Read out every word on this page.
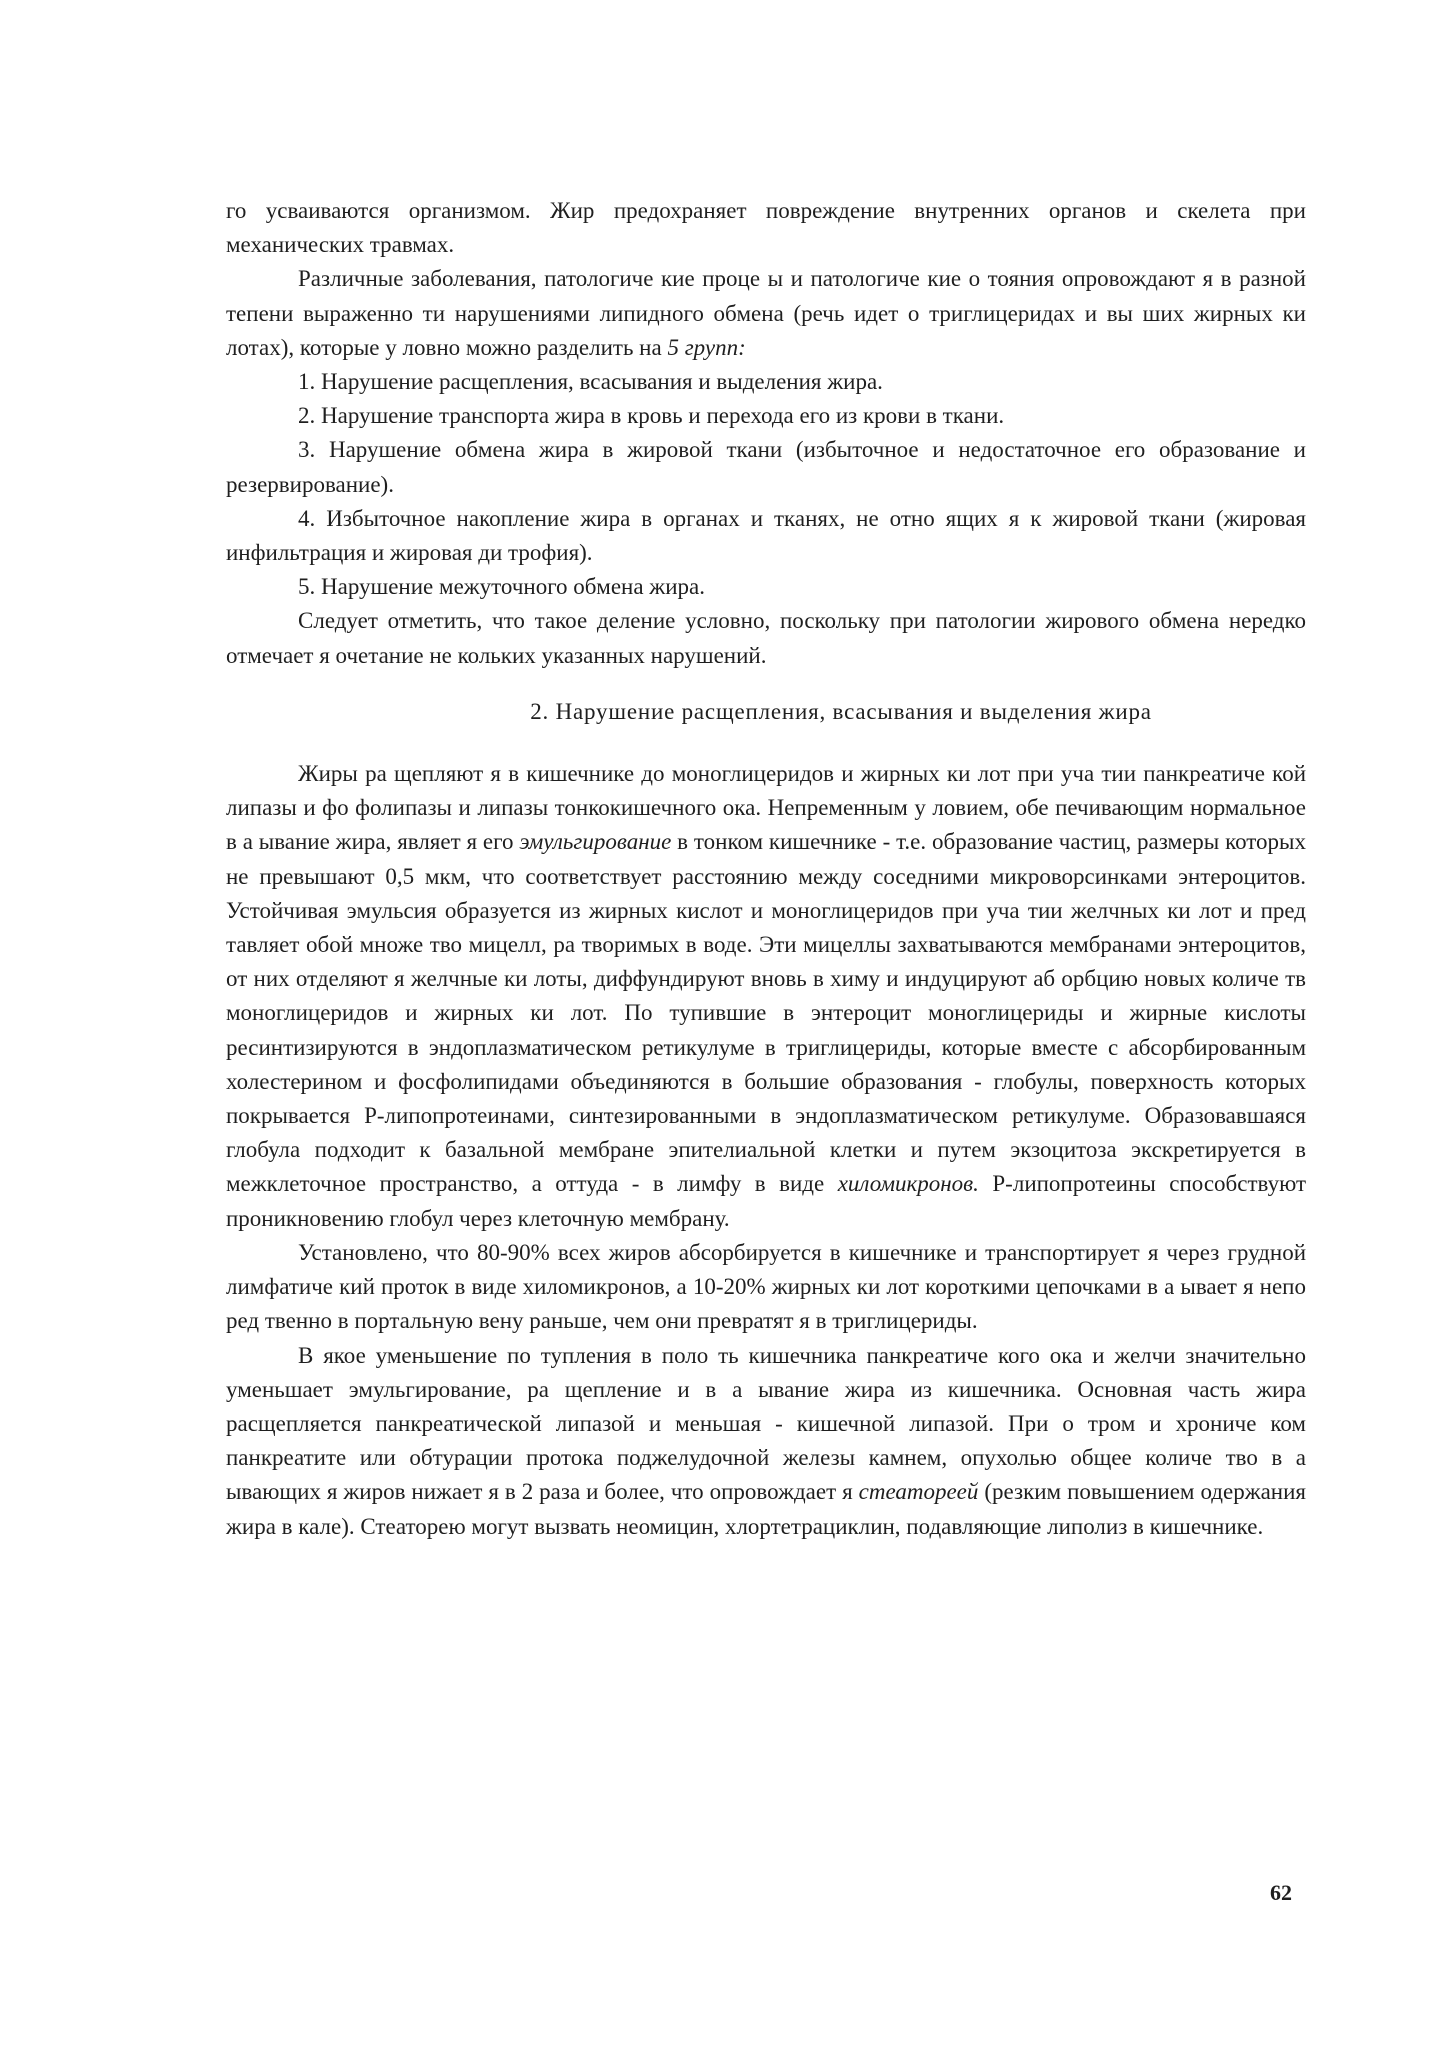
го усваиваются организмом. Жир предохраняет повреждение внутренних органов и скелета при механических травмах.

Различные заболевания, патологиче кие проце ы и патологиче кие о тояния опровождают я в разной тепени выраженно ти нарушениями липидного обмена (речь идет о триглицеридах и вы ших жирных ки лотах), которые у ловно можно разделить на 5 групп:

1. Нарушение расщепления, всасывания и выделения жира.

2. Нарушение транспорта жира в кровь и перехода его из крови в ткани.

3. Нарушение обмена жира в жировой ткани (избыточное и недостаточное его образование и резервирование).

4. Избыточное накопление жира в органах и тканях, не отно ящих я к жировой ткани (жировая инфильтрация и жировая ди трофия).

5. Нарушение межуточного обмена жира.

Следует отметить, что такое деление условно, поскольку при патологии жирового обмена нередко отмечает я очетание не кольких указанных нарушений.

2. Нарушение расщепления, всасывания и выделения жира

Жиры ра щепляют я в кишечнике до моноглицеридов и жирных ки лот при уча тии панкреатиче кой липазы и фо фолипазы и липазы тонкокишечного ока. Непременным у ловием, обе печивающим нормальное в а ывание жира, являет я его эмульгирование в тонком кишечнике - т.е. образование частиц, размеры которых не превышают 0,5 мкм, что соответствует расстоянию между соседними микроворсинками энтероцитов. Устойчивая эмульсия образуется из жирных кислот и моноглицеридов при уча тии желчных ки лот и пред тавляет обой множе тво мицелл, ра творимых в воде. Эти мицеллы захватываются мембранами энтероцитов, от них отделяют я желчные ки лоты, диффундируют вновь в химу и индуцируют аб орбцию новых количе тв моноглицеридов и жирных ки лот. По тупившие в энтероцит моноглицериды и жирные кислоты ресинтизируются в эндоплазматическом ретикулуме в триглицериды, которые вместе с абсорбированным холестерином и фосфолипидами объединяются в большие образования - глобулы, поверхность которых покрывается Р-липопротеинами, синтезированными в эндоплазматическом ретикулуме. Образовавшаяся глобула подходит к базальной мембране эпителиальной клетки и путем экзоцитоза экскретируется в межклеточное пространство, а оттуда - в лимфу в виде хиломикронов. Р-липопротеины способствуют проникновению глобул через клеточную мембрану.

Установлено, что 80-90% всех жиров абсорбируется в кишечнике и транспортирует я через грудной лимфатиче кий проток в виде хиломикронов, а 10-20% жирных ки лот короткими цепочками в а ывает я непо ред твенно в портальную вену раньше, чем они превратят я в триглицериды.

В якое уменьшение по тупления в поло ть кишечника панкреатиче кого ока и желчи значительно уменьшает эмульгирование, ра щепление и в а ывание жира из кишечника. Основная часть жира расщепляется панкреатической липазой и меньшая - кишечной липазой. При о тром и хрониче ком панкреатите или обтурации протока поджелудочной железы камнем, опухолью общее количе тво в а ывающих я жиров нижает я в 2 раза и более, что опровождает я стеатореей (резким повышением одержания жира в кале). Стеаторею могут вызвать неомицин, хлортетрациклин, подавляющие липолиз в кишечнике.

62
